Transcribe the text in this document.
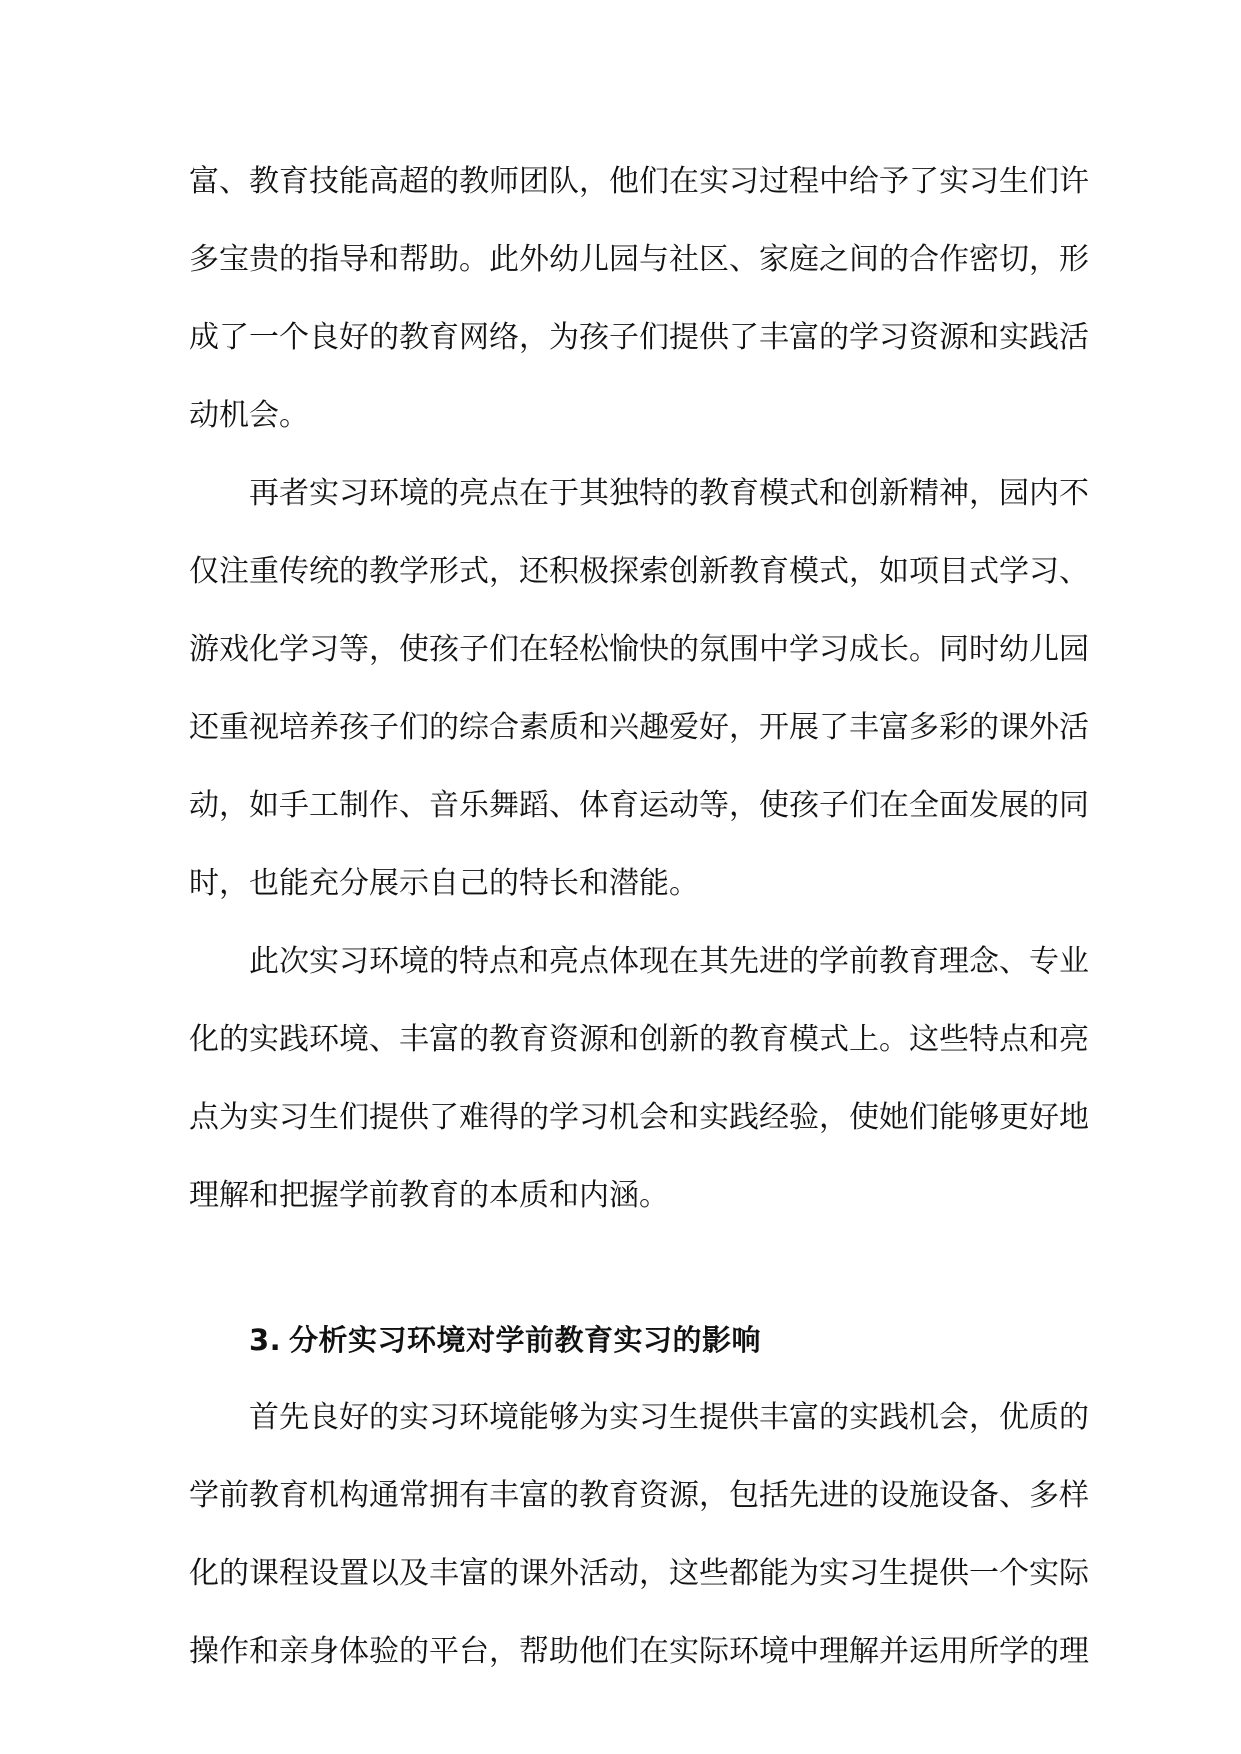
富、教育技能高超的教师团队，他们在实习过程中给予了实习生们许
多宝贵的指导和帮助。此外幼儿园与社区、家庭之间的合作密切，形
成了一个良好的教育网络，为孩子们提供了丰富的学习资源和实践活
动机会。
再者实习环境的亮点在于其独特的教育模式和创新精神，园内不
仅注重传统的教学形式，还积极探索创新教育模式，如项目式学习、
游戏化学习等，使孩子们在轻松愉快的氛围中学习成长。同时幼儿园
还重视培养孩子们的综合素质和兴趣爱好，开展了丰富多彩的课外活
动，如手工制作、音乐舞蹈、体育运动等，使孩子们在全面发展的同
时，也能充分展示自己的特长和潜能。
此次实习环境的特点和亮点体现在其先进的学前教育理念、专业
化的实践环境、丰富的教育资源和创新的教育模式上。这些特点和亮
点为实习生们提供了难得的学习机会和实践经验，使她们能够更好地
理解和把握学前教育的本质和内涵。
3. 分析实习环境对学前教育实习的影响
首先良好的实习环境能够为实习生提供丰富的实践机会，优质的
学前教育机构通常拥有丰富的教育资源，包括先进的设施设备、多样
化的课程设置以及丰富的课外活动，这些都能为实习生提供一个实际
操作和亲身体验的平台，帮助他们在实际环境中理解并运用所学的理
